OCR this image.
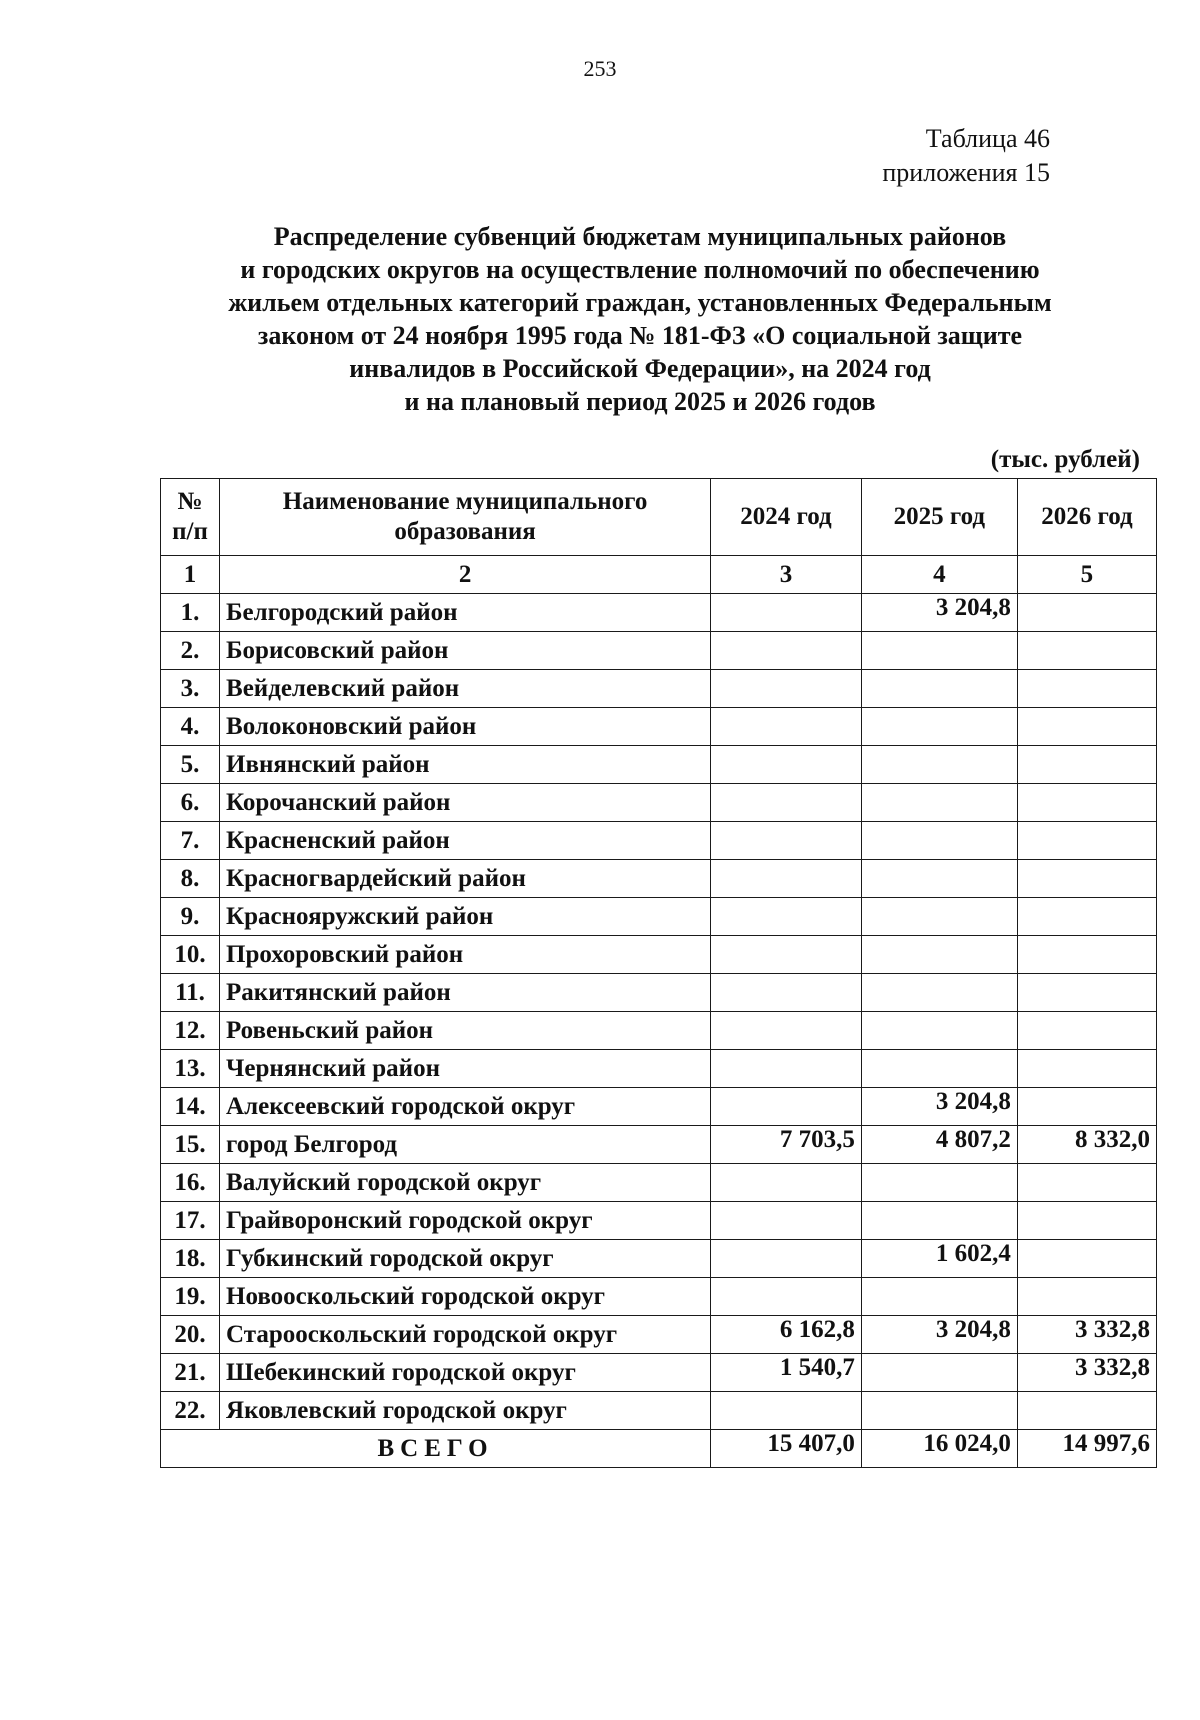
253
Таблица 46
приложения 15
Распределение субвенций бюджетам муниципальных районов
и городских округов на осуществление полномочий по обеспечению
жильем отдельных категорий граждан, установленных Федеральным
законом от 24 ноября 1995 года № 181-ФЗ «О социальной защите
инвалидов в Российской Федерации», на 2024 год
и на плановый период 2025 и 2026 годов
(тыс. рублей)
№ п/п	Наименование муниципального образования	2024 год	2025 год	2026 год
1	2	3	4	5
1.	Белгородский район		3 204,8	
2.	Борисовский район			
3.	Вейделевский район			
4.	Волоконовский район			
5.	Ивнянский район			
6.	Корочанский район			
7.	Красненский район			
8.	Красногвардейский район			
9.	Краснояружский район			
10.	Прохоровский район			
11.	Ракитянский район			
12.	Ровеньский район			
13.	Чернянский район			
14.	Алексеевский городской округ		3 204,8	
15.	город Белгород	7 703,5	4 807,2	8 332,0
16.	Валуйский городской округ			
17.	Грайворонский городской округ			
18.	Губкинский городской округ		1 602,4	
19.	Новооскольский городской округ			
20.	Старооскольский городской округ	6 162,8	3 204,8	3 332,8
21.	Шебекинский городской округ	1 540,7		3 332,8
22.	Яковлевский городской округ			
ВСЕГО		15 407,0	16 024,0	14 997,6
